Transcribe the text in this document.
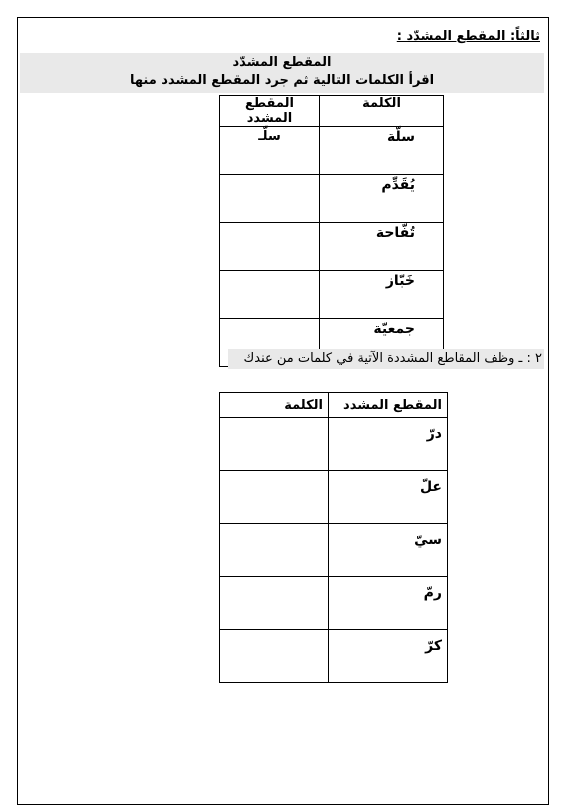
ثالثاً: المقطع المشدّد :
المقطع المشدّد
اقرأ الكلمات التالية ثم جرد المقطع المشدد منها
الكلمة	المقطع المشدد
سلّة	سلّـ
يُقَدِّم	
تُفّاحة	
خَبّاز	
جمعيّة	
٢ : ـ وظف المقاطع المشددة الآتية في كلمات من عندك
المقطع المشدد	الكلمة
درّ	
علّ	
سيّ	
رمّ	
كرّ	
